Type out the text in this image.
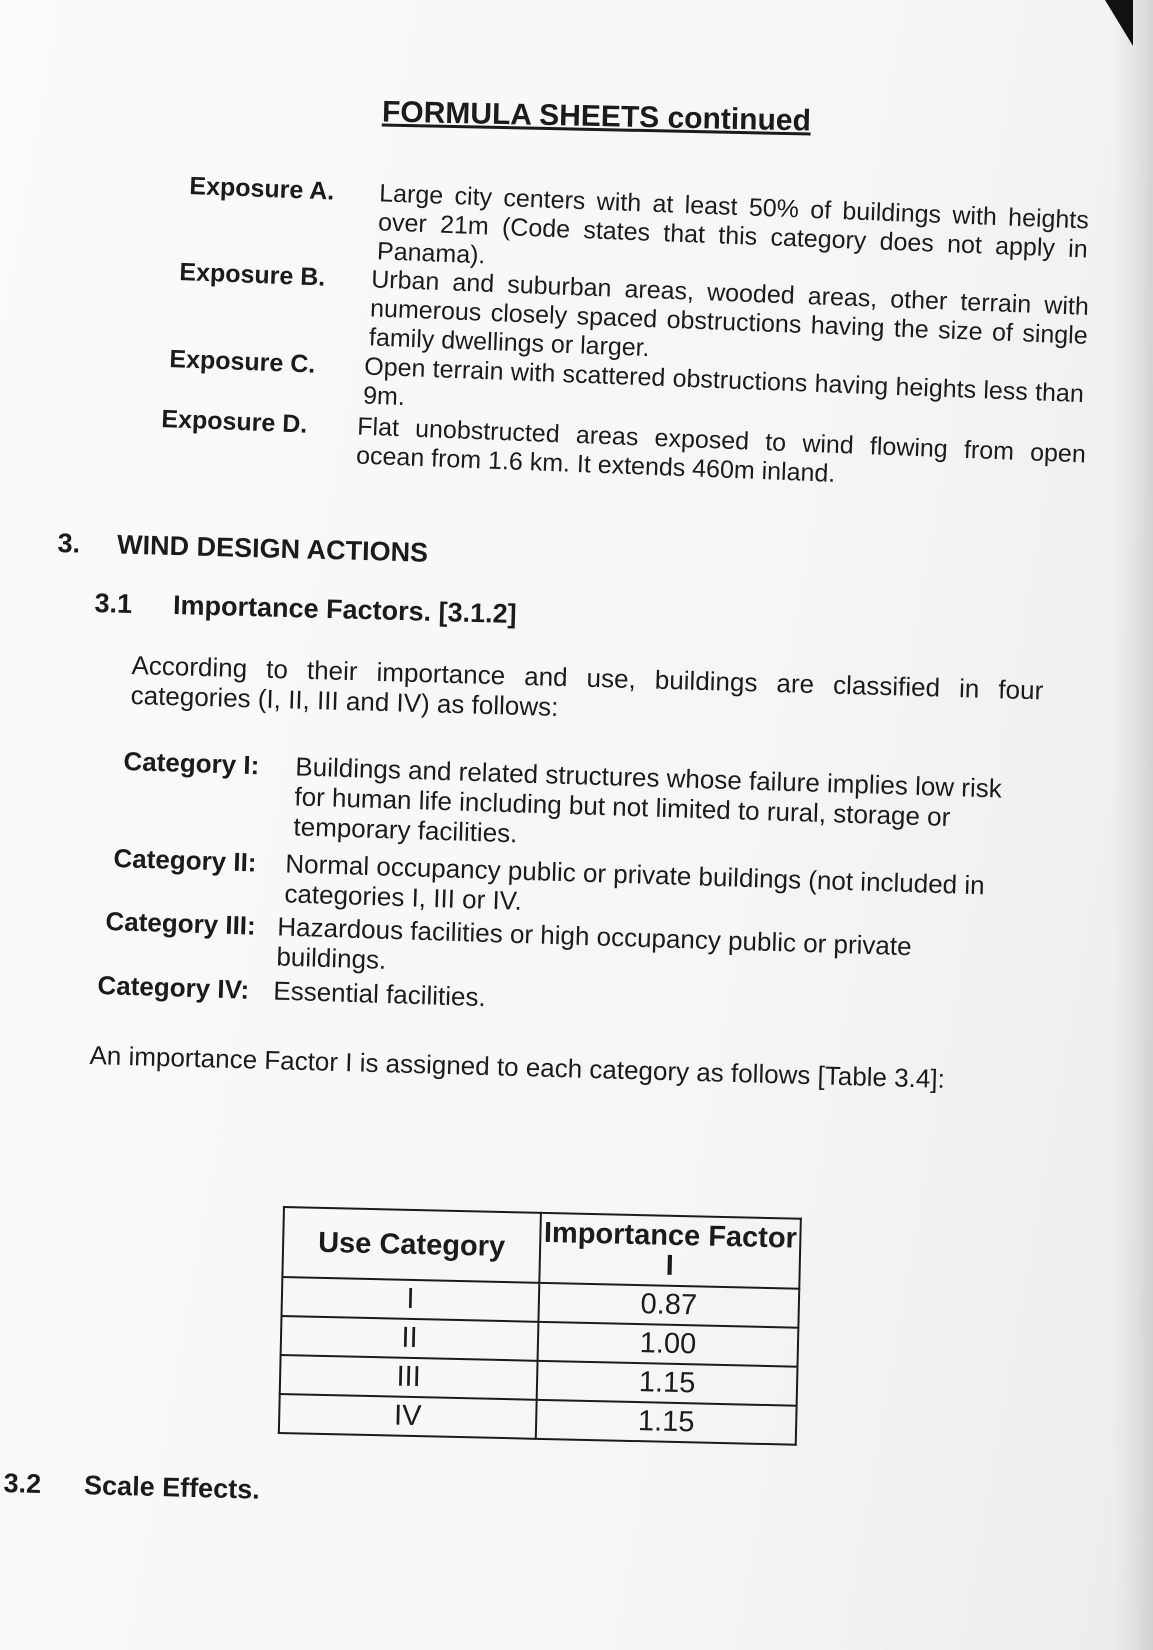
FORMULA SHEETS continued
Exposure A. Large city centers with at least 50% of buildings with heights over 21m (Code states that this category does not apply in Panama).
Exposure B. Urban and suburban areas, wooded areas, other terrain with numerous closely spaced obstructions having the size of single family dwellings or larger.
Exposure C. Open terrain with scattered obstructions having heights less than 9m.
Exposure D. Flat unobstructed areas exposed to wind flowing from open ocean from 1.6 km. It extends 460m inland.
3. WIND DESIGN ACTIONS
3.1 Importance Factors. [3.1.2]
According to their importance and use, buildings are classified in four categories (I, II, III and IV) as follows:
Category I: Buildings and related structures whose failure implies low risk for human life including but not limited to rural, storage or temporary facilities.
Category II: Normal occupancy public or private buildings (not included in categories I, III or IV.
Category III: Hazardous facilities or high occupancy public or private buildings.
Category IV: Essential facilities.
An importance Factor I is assigned to each category as follows [Table 3.4]:
Use Category	Importance Factor I
I	0.87
II	1.00
III	1.15
IV	1.15
3.2 Scale Effects.
